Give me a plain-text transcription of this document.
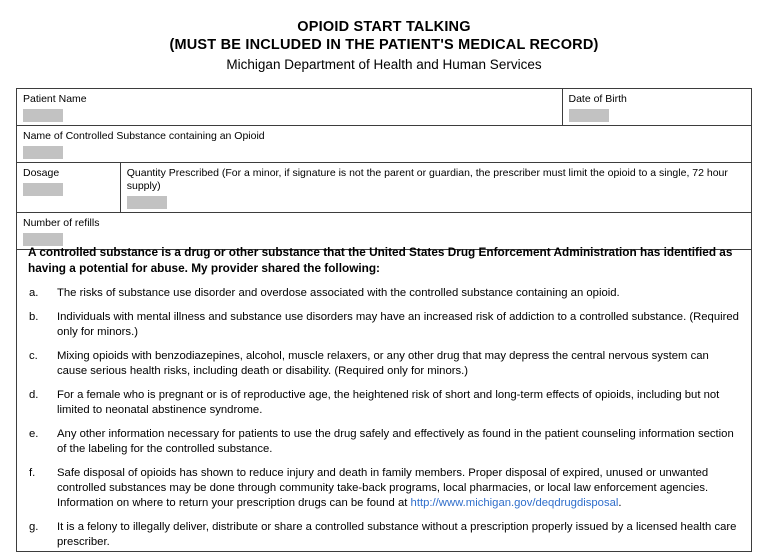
OPIOID START TALKING
(MUST BE INCLUDED IN THE PATIENT'S MEDICAL RECORD)
Michigan Department of Health and Human Services
Patient Name	Date of Birth
Name of Controlled Substance containing an Opioid
Dosage	Quantity Prescribed (For a minor, if signature is not the parent or guardian, the prescriber must limit the opioid to a single, 72 hour supply)
Number of refills

A controlled substance is a drug or other substance that the United States Drug Enforcement Administration has identified as having a potential for abuse. My provider shared the following:

a.	The risks of substance use disorder and overdose associated with the controlled substance containing an opioid.
b.	Individuals with mental illness and substance use disorders may have an increased risk of addiction to a controlled substance. (Required only for minors.)
c.	Mixing opioids with benzodiazepines, alcohol, muscle relaxers, or any other drug that may depress the central nervous system can cause serious health risks, including death or disability. (Required only for minors.)
d.	For a female who is pregnant or is of reproductive age, the heightened risk of short and long-term effects of opioids, including but not limited to neonatal abstinence syndrome.
e.	Any other information necessary for patients to use the drug safely and effectively as found in the patient counseling information section of the labeling for the controlled substance.
f.	Safe disposal of opioids has shown to reduce injury and death in family members. Proper disposal of expired, unused or unwanted controlled substances may be done through community take-back programs, local pharmacies, or local law enforcement agencies. Information on where to return your prescription drugs can be found at http://www.michigan.gov/deqdrugdisposal.
g.	It is a felony to illegally deliver, distribute or share a controlled substance without a prescription properly issued by a licensed health care prescriber.
